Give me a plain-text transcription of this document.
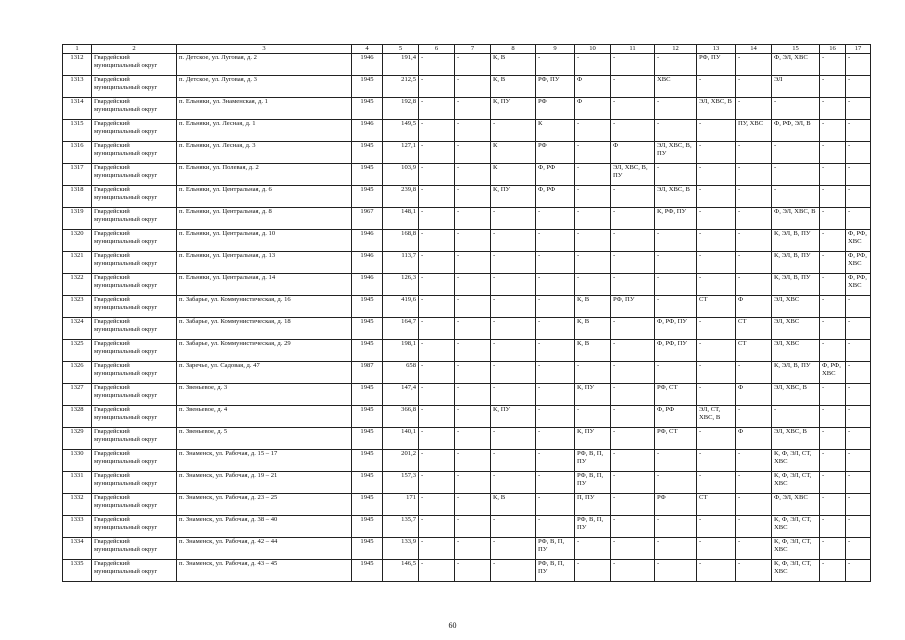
1	2	3	4	5	6	7	8	9	10	11	12	13	14	15	16	17
1312	Гвардейский муниципальный округ	п. Детское, ул. Луговая, д. 2	1946	191,4	-	-	К, В	-	-	-	-	РФ, ПУ	-	Ф, ЭЛ, ХВС	-	-
1313	Гвардейский муниципальный округ	п. Детское, ул. Луговая, д. 3	1945	212,5	-	-	К, В	РФ, ПУ	Ф	-	ХВС	-	-	ЭЛ	-	-
1314	Гвардейский муниципальный округ	п. Ельняки, ул. Знаменская, д. 1	1945	192,8	-	-	К, ПУ	РФ	Ф	-	-	ЭЛ, ХВС, В	-	-	-	-
1315	Гвардейский муниципальный округ	п. Ельняки, ул. Лесная, д. 1	1946	149,5	-	-	-	К	-	-	-	-	ПУ, ХВС	Ф, РФ, ЭЛ, В	-	-
1316	Гвардейский муниципальный округ	п. Ельняки, ул. Лесная, д. 3	1945	127,1	-	-	К	РФ	-	Ф	ЭЛ, ХВС, В, ПУ	-	-	-	-	-
1317	Гвардейский муниципальный округ	п. Ельняки, ул. Полевая, д. 2	1945	103,9	-	-	К	Ф, РФ	-	ЭЛ, ХВС, В, ПУ	-	-	-	-	-	-
1318	Гвардейский муниципальный округ	п. Ельняки, ул. Центральная, д. 6	1945	239,8	-	-	К, ПУ	Ф, РФ	-	-	ЭЛ, ХВС, В	-	-	-	-	-
1319	Гвардейский муниципальный округ	п. Ельняки, ул. Центральная, д. 8	1967	148,1	-	-	-	-	-	-	К, РФ, ПУ	-	-	Ф, ЭЛ, ХВС, В	-	-
1320	Гвардейский муниципальный округ	п. Ельняки, ул. Центральная, д. 10	1946	168,8	-	-	-	-	-	-	-	-	-	К, ЭЛ, В, ПУ	-	Ф, РФ, ХВС
1321	Гвардейский муниципальный округ	п. Ельняки, ул. Центральная, д. 13	1946	113,7	-	-	-	-	-	-	-	-	-	К, ЭЛ, В, ПУ	-	Ф, РФ, ХВС
1322	Гвардейский муниципальный округ	п. Ельняки, ул. Центральная, д. 14	1946	126,3	-	-	-	-	-	-	-	-	-	К, ЭЛ, В, ПУ	-	Ф, РФ, ХВС
1323	Гвардейский муниципальный округ	п. Забарье, ул. Коммунистическая, д. 16	1945	419,6	-	-	-	-	К, В	РФ, ПУ	-	СТ	Ф	ЭЛ, ХВС	-	-
1324	Гвардейский муниципальный округ	п. Забарье, ул. Коммунистическая, д. 18	1945	164,7	-	-	-	-	К, В	-	Ф, РФ, ПУ	-	СТ	ЭЛ, ХВС	-	-
1325	Гвардейский муниципальный округ	п. Забарье, ул. Коммунистическая, д. 29	1945	198,1	-	-	-	-	К, В	-	Ф, РФ, ПУ	-	СТ	ЭЛ, ХВС	-	-
1326	Гвардейский муниципальный округ	п. Заречье, ул. Садовая, д. 47	1987	658	-	-	-	-	-	-	-	-	-	К, ЭЛ, В, ПУ	Ф, РФ, ХВС	-
1327	Гвардейский муниципальный округ	п. Звеньевое, д. 3	1945	147,4	-	-	-	-	К, ПУ	-	РФ, СТ	-	Ф	ЭЛ, ХВС, В	-	-
1328	Гвардейский муниципальный округ	п. Звеньевое, д. 4	1945	366,8	-	-	К, ПУ	-	-	-	Ф, РФ	ЭЛ, СТ, ХВС, В	-	-	-	-
1329	Гвардейский муниципальный округ	п. Звеньевое, д. 5	1945	140,1	-	-	-	-	К, ПУ	-	РФ, СТ	-	Ф	ЭЛ, ХВС, В	-	-
1330	Гвардейский муниципальный округ	п. Знаменск, ул. Рабочая, д. 15 – 17	1945	201,2	-	-	-	-	РФ, В, П, ПУ	-	-	-	-	К, Ф, ЭЛ, СТ, ХВС	-	-
1331	Гвардейский муниципальный округ	п. Знаменск, ул. Рабочая, д. 19 – 21	1945	157,3	-	-	-	-	РФ, В, П, ПУ	-	-	-	-	К, Ф, ЭЛ, СТ, ХВС	-	-
1332	Гвардейский муниципальный округ	п. Знаменск, ул. Рабочая, д. 23 – 25	1945	171	-	-	К, В	-	П, ПУ	-	РФ	СТ	-	Ф, ЭЛ, ХВС	-	-
1333	Гвардейский муниципальный округ	п. Знаменск, ул. Рабочая, д. 38 – 40	1945	135,7	-	-	-	-	РФ, В, П, ПУ	-	-	-	-	К, Ф, ЭЛ, СТ, ХВС	-	-
1334	Гвардейский муниципальный округ	п. Знаменск, ул. Рабочая, д. 42 – 44	1945	133,9	-	-	-	РФ, В, П, ПУ	-	-	-	-	-	К, Ф, ЭЛ, СТ, ХВС	-	-
1335	Гвардейский муниципальный округ	п. Знаменск, ул. Рабочая, д. 43 – 45	1945	146,5	-	-	-	РФ, В, П, ПУ	-	-	-	-	-	К, Ф, ЭЛ, СТ, ХВС	-	-
60
